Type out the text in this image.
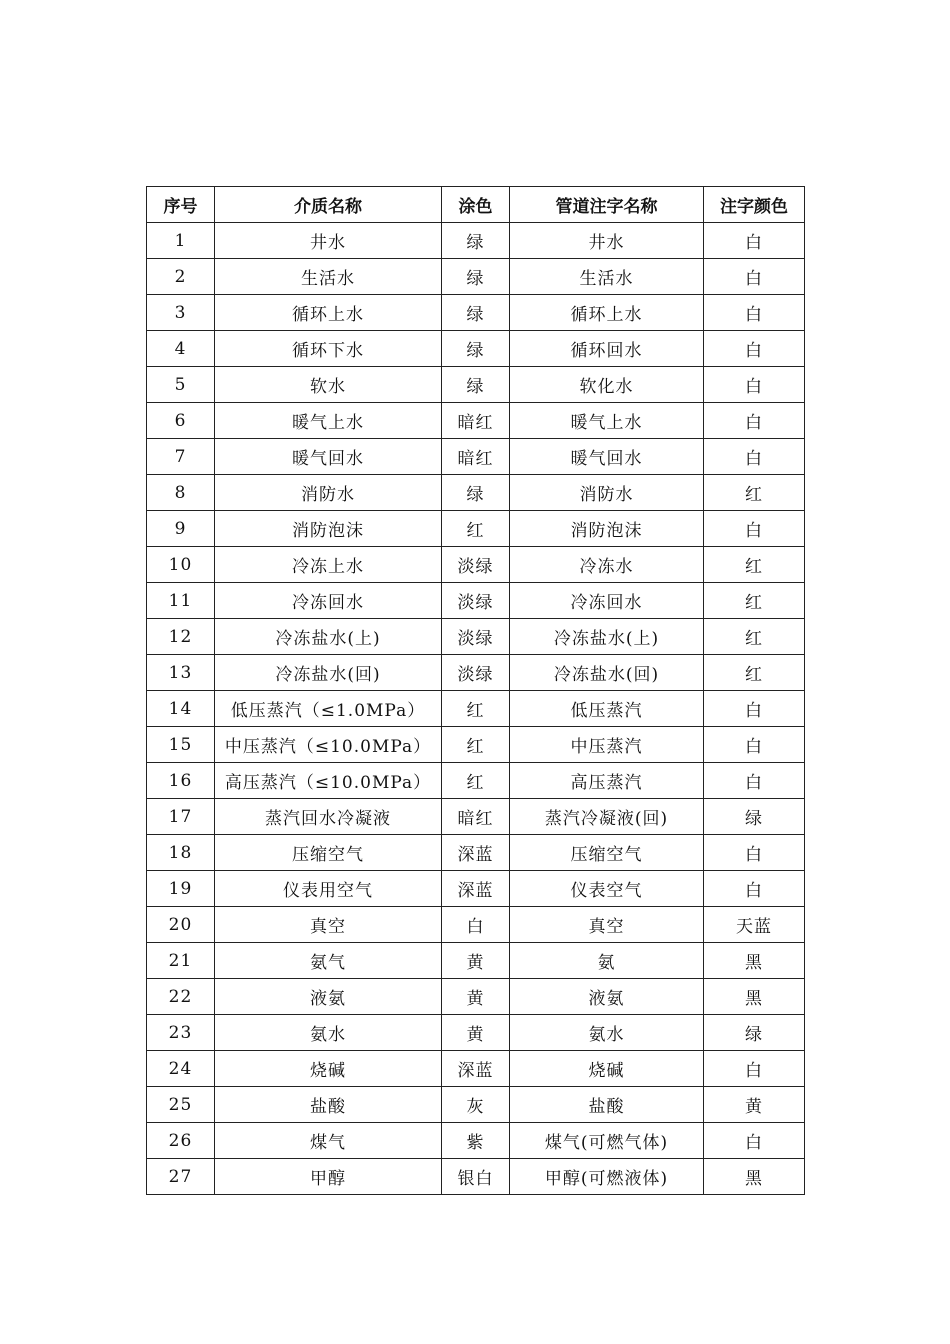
序号	介质名称	涂色	管道注字名称	注字颜色
1	井水	绿	井水	白
2	生活水	绿	生活水	白
3	循环上水	绿	循环上水	白
4	循环下水	绿	循环回水	白
5	软水	绿	软化水	白
6	暖气上水	暗红	暖气上水	白
7	暖气回水	暗红	暖气回水	白
8	消防水	绿	消防水	红
9	消防泡沫	红	消防泡沫	白
10	冷冻上水	淡绿	冷冻水	红
11	冷冻回水	淡绿	冷冻回水	红
12	冷冻盐水(上)	淡绿	冷冻盐水(上)	红
13	冷冻盐水(回)	淡绿	冷冻盐水(回)	红
14	低压蒸汽（≤1.0MPa）	红	低压蒸汽	白
15	中压蒸汽（≤10.0MPa）	红	中压蒸汽	白
16	高压蒸汽（≤10.0MPa）	红	高压蒸汽	白
17	蒸汽回水冷凝液	暗红	蒸汽冷凝液(回)	绿
18	压缩空气	深蓝	压缩空气	白
19	仪表用空气	深蓝	仪表空气	白
20	真空	白	真空	天蓝
21	氨气	黄	氨	黑
22	液氨	黄	液氨	黑
23	氨水	黄	氨水	绿
24	烧碱	深蓝	烧碱	白
25	盐酸	灰	盐酸	黄
26	煤气	紫	煤气(可燃气体)	白
27	甲醇	银白	甲醇(可燃液体)	黑
